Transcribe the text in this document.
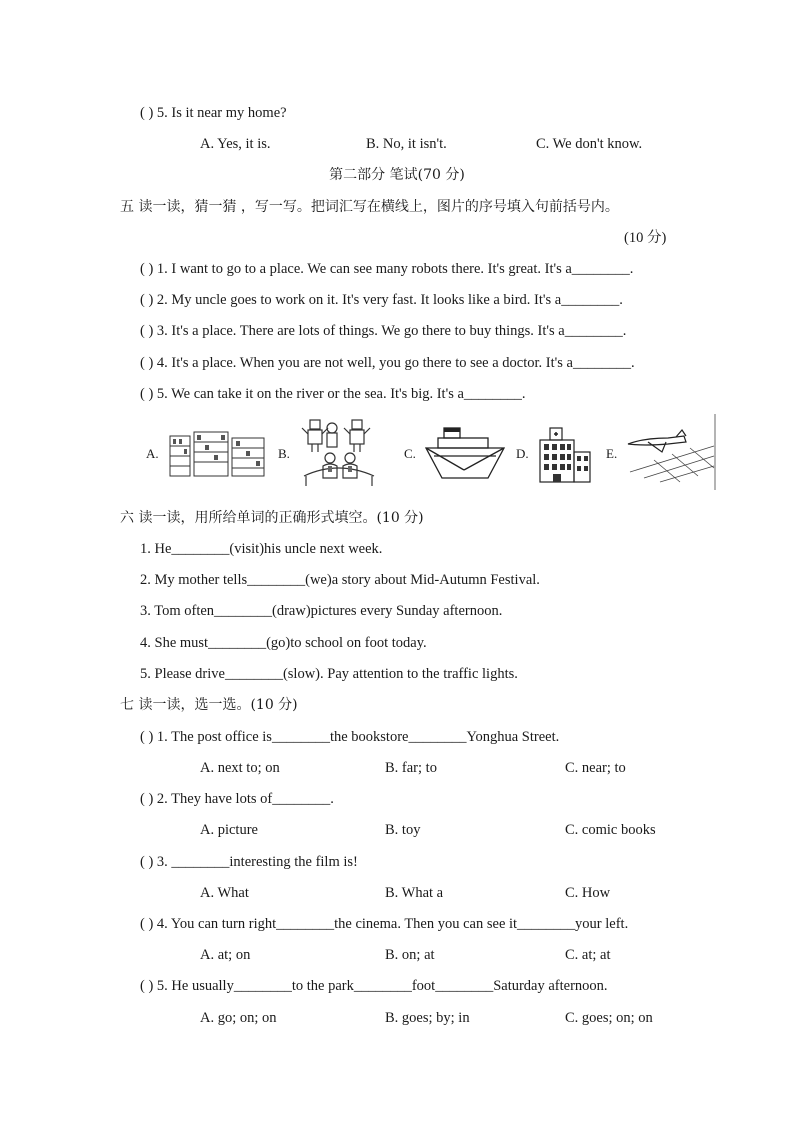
( ) 5. Is it near my home?
A. Yes, it is.	B. No, it isn't.	C. We don't know.
第二部分 笔试(70 分)
五 读一读，猜一猜 ，写一写。把词汇写在横线上，图片的序号填入句前括号内。
(10 分)
( ) 1. I want to go to a place. We can see many robots there. It's great. It's a________.
( ) 2. My uncle goes to work on it. It's very fast. It looks like a bird. It's a________.
( ) 3. It's a place. There are lots of things. We go there to buy things. It's a________.
( ) 4. It's a place. When you are not well, you go there to see a doctor. It's a________.
( ) 5. We can take it on the river or the sea. It's big. It's a________.
A.	B.	C.	D.	E.
六 读一读，用所给单词的正确形式填空。(10 分)
1. He________(visit)his uncle next week.
2. My mother tells________(we)a story about Mid-Autumn Festival.
3. Tom often________(draw)pictures every Sunday afternoon.
4. She must________(go)to school on foot today.
5. Please drive________(slow). Pay attention to the traffic lights.
七 读一读，选一选。(10 分)
( ) 1. The post office is________the bookstore________Yonghua Street.
A. next to; on	B. far; to	C. near; to
( ) 2. They have lots of________.
A. picture	B. toy	C. comic books
( ) 3. ________interesting the film is!
A. What	B. What a	C. How
( ) 4. You can turn right________the cinema. Then you can see it________your left.
A. at; on	B. on; at	C. at; at
( ) 5. He usually________to the park________foot________Saturday afternoon.
A. go; on; on	B. goes; by; in	C. goes; on; on
